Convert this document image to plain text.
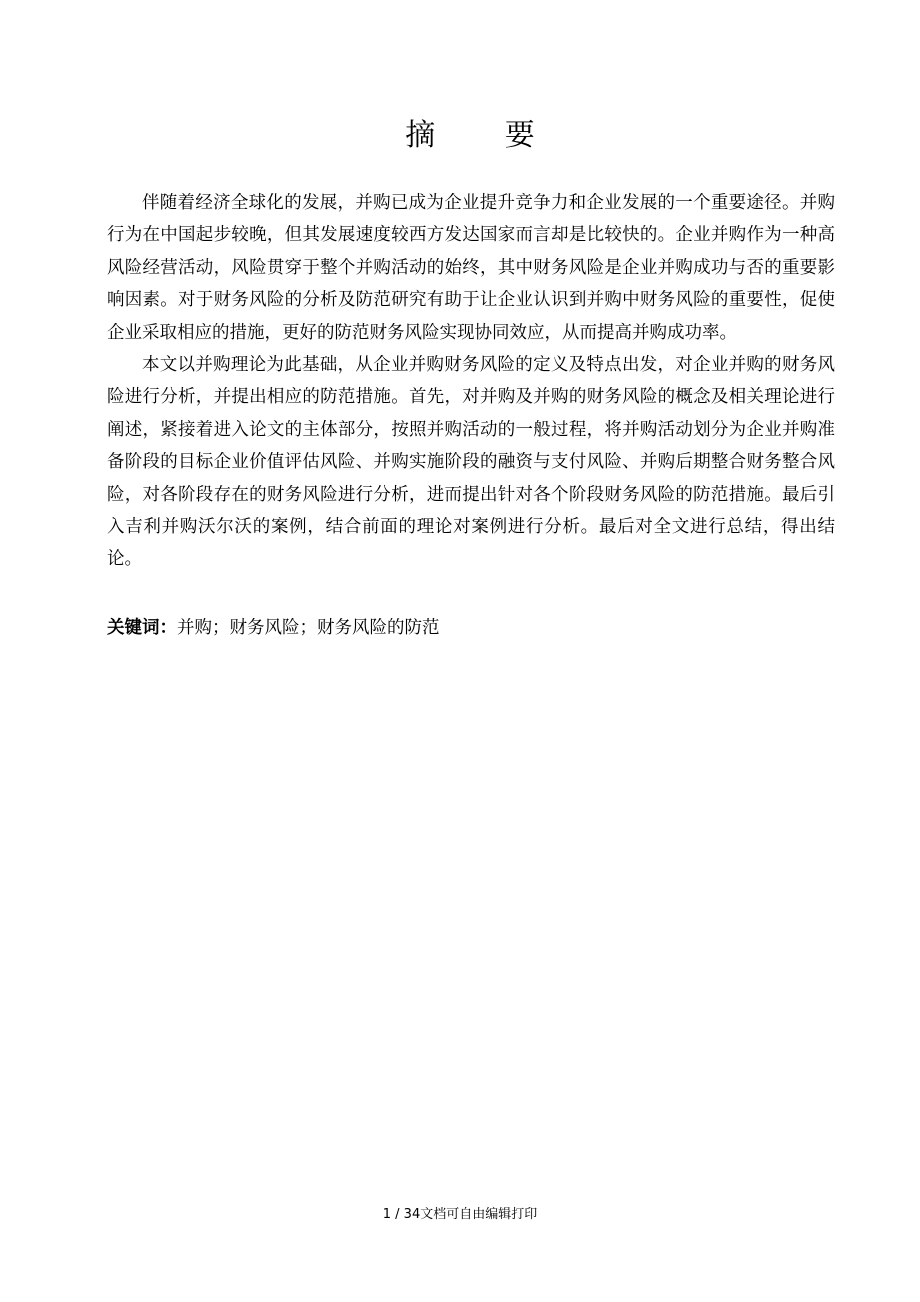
摘 要

伴随着经济全球化的发展，并购已成为企业提升竞争力和企业发展的一个重要途径。并购行为在中国起步较晚，但其发展速度较西方发达国家而言却是比较快的。企业并购作为一种高风险经营活动，风险贯穿于整个并购活动的始终，其中财务风险是企业并购成功与否的重要影响因素。对于财务风险的分析及防范研究有助于让企业认识到并购中财务风险的重要性，促使企业采取相应的措施，更好的防范财务风险实现协同效应，从而提高并购成功率。

本文以并购理论为此基础，从企业并购财务风险的定义及特点出发，对企业并购的财务风险进行分析，并提出相应的防范措施。首先，对并购及并购的财务风险的概念及相关理论进行阐述，紧接着进入论文的主体部分，按照并购活动的一般过程，将并购活动划分为企业并购准备阶段的目标企业价值评估风险、并购实施阶段的融资与支付风险、并购后期整合财务整合风险，对各阶段存在的财务风险进行分析，进而提出针对各个阶段财务风险的防范措施。最后引入吉利并购沃尔沃的案例，结合前面的理论对案例进行分析。最后对全文进行总结，得出结论。

关键词：并购；财务风险；财务风险的防范
1 / 34文档可自由编辑打印
